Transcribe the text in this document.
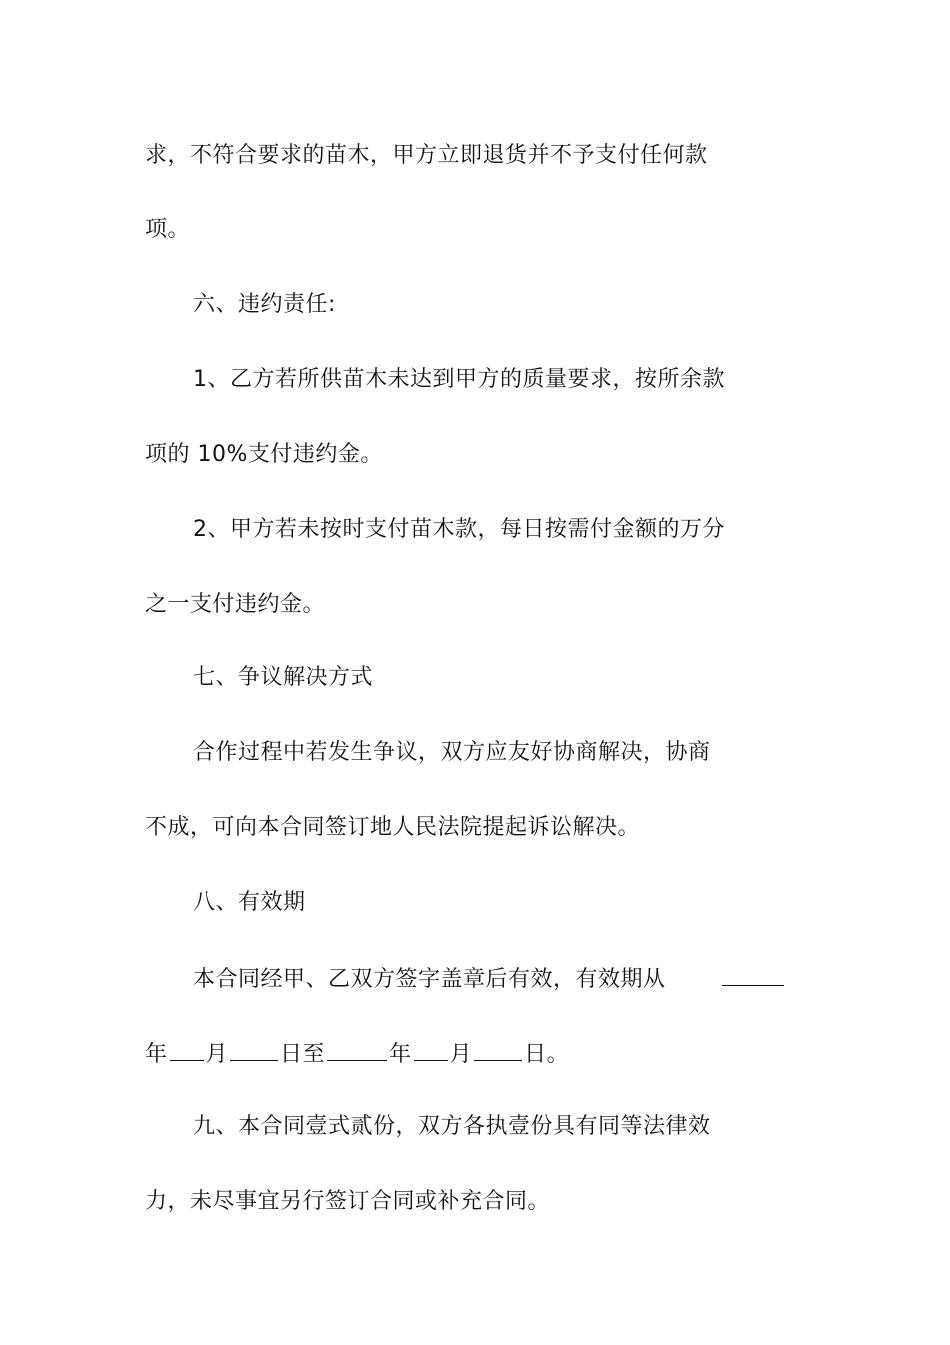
求，不符合要求的苗木，甲方立即退货并不予支付任何款
项。
六、违约责任:
1、乙方若所供苗木未达到甲方的质量要求，按所余款
项的 10%支付违约金。
2、甲方若未按时支付苗木款，每日按需付金额的万分
之一支付违约金。
七、争议解决方式
合作过程中若发生争议，双方应友好协商解决，协商
不成，可向本合同签订地人民法院提起诉讼解决。
八、有效期
本合同经甲、乙双方签字盖章后有效，有效期从
年 月 日至	年 月 日。
九、本合同壹式贰份，双方各执壹份具有同等法律效
力，未尽事宜另行签订合同或补充合同。
